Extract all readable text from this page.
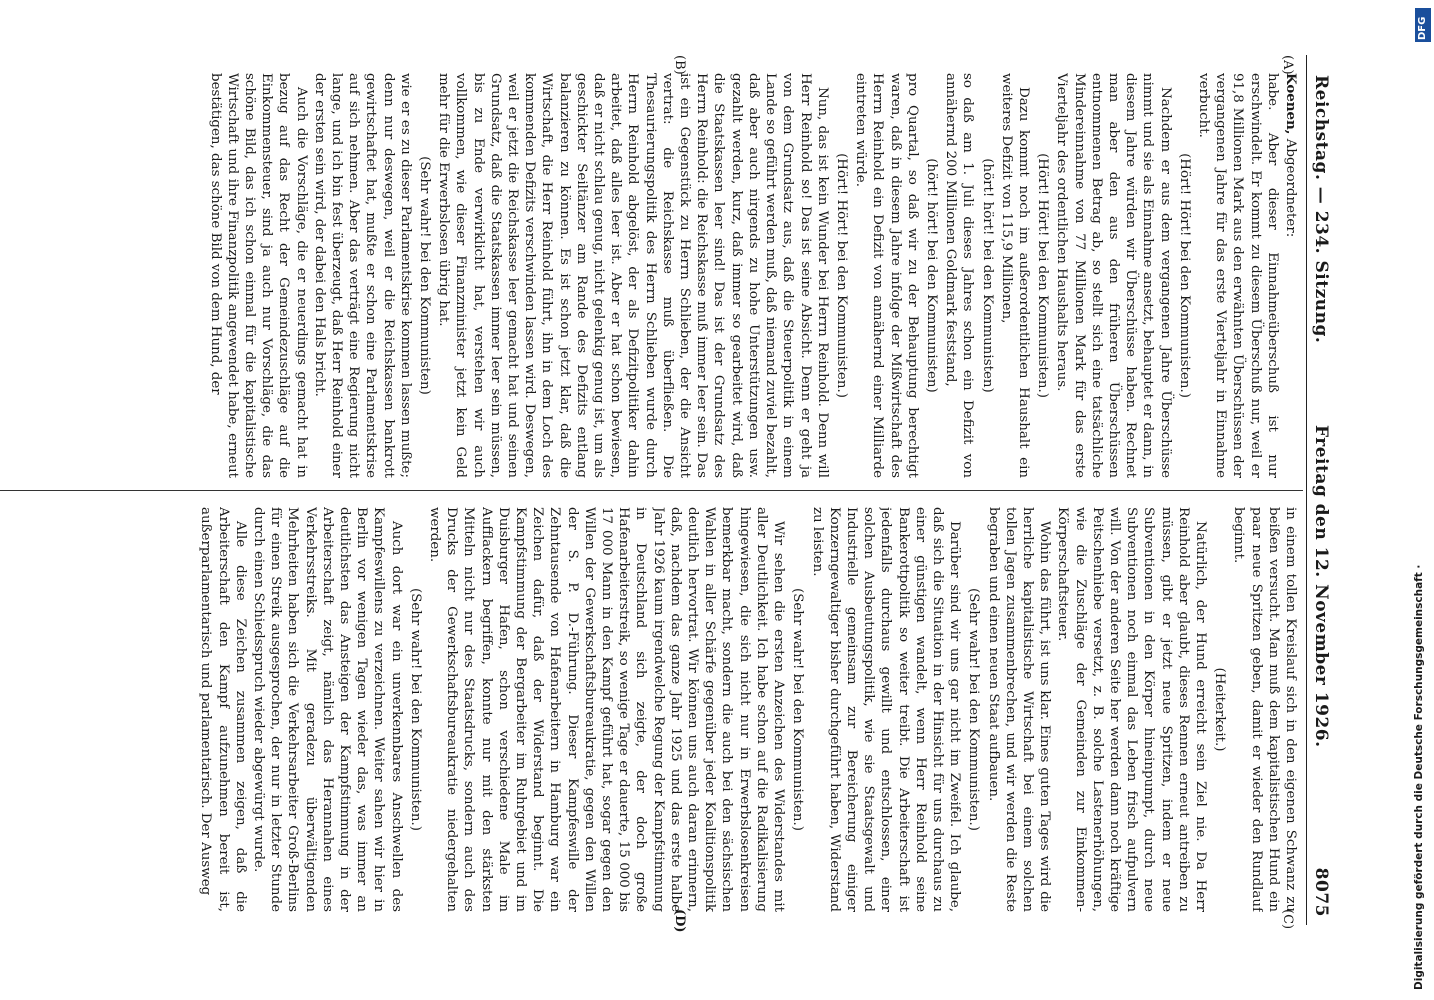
Reichstag. — 234. Sitzung.
Freitag den 12. November 1926.
8075
(A)
(B)
(C)
(D)

Koenen, Abgeordneter:

habe. Aber dieser Einnahmeüberschuß ist nur erschwindelt. Er kommt zu diesem Überschuß nur, weil er 91,8 Millionen Mark aus den erwähnten Überschüssen der vergangenen Jahre für das erste Vierteljahr in Einnahme verbucht.

(Hört! Hört! bei den Kommunisten.)

Nachdem er aus dem vergangenen Jahre Überschüsse nimmt und sie als Einnahme ansetzt, behauptet er dann, in diesem Jahre würden wir Überschüsse haben. Rechnet man aber den aus den früheren Überschüssen entnommenen Betrag ab, so stellt sich eine tatsächliche Mindereinnahme von 77 Millionen Mark für das erste Vierteljahr des ordentlichen Haushalts heraus.

(Hört! Hört! bei den Kommunisten.)

Dazu kommt noch im außerordentlichen Haushalt ein weiteres Defizit von 115,9 Millionen,

(hört! hört! bei den Kommunisten)

so daß am 1. Juli dieses Jahres schon ein Defizit von annähernd 200 Millionen Goldmark feststand,

(hört! hört! bei den Kommunisten)

pro Quartal, so daß wir zu der Behauptung berechtigt waren, daß in diesem Jahre infolge der Mißwirtschaft des Herrn Reinhold ein Defizit von annähernd einer Milliarde eintreten würde.

(Hört! Hört! bei den Kommunisten.)

Nun, das ist kein Wunder bei Herrn Reinhold. Denn will Herr Reinhold so! Das ist seine Absicht. Denn er geht ja von dem Grundsatz aus, daß die Steuerpolitik in einem Lande so geführt werden muß, daß niemand zuviel bezahlt, daß aber auch nirgends zu hohe Unterstützungen usw. gezahlt werden, kurz, daß immer so gearbeitet wird, daß die Staatskassen leer sind! Das ist der Grundsatz des Herrn Reinhold: die Reichskasse muß immer leer sein. Das ist ein Gegenstück zu Herrn Schlieben, der die Ansicht vertrat: die Reichskasse muß überfließen. Die Thesaurierungspolitik des Herrn Schlieben wurde durch Herrn Reinhold abgelöst, der als Defizitpolitiker dahin arbeitet, daß alles leer ist. Aber er hat schon bewiesen, daß er nicht schlau genug, nicht gelenkig genug ist, um als geschickter Seiltänzer am Rande des Defizits entlang balanzieren zu können. Es ist schon jetzt klar, daß die Wirtschaft, die Herr Reinhold führt, ihn in dem Loch des kommenden Defizits verschwinden lassen wird. Deswegen, weil er jetzt die Reichskasse leer gemacht hat und seinen Grundsatz, daß die Staatskassen immer leer sein müssen, bis zu Ende verwirklicht hat, verstehen wir auch vollkommen, wie dieser Finanzminister jetzt kein Geld mehr für die Erwerbslosen übrig hat.

(Sehr wahr! bei den Kommunisten)

wie er es zu dieser Parlamentskrise kommen lassen mußte; denn nur deswegen, weil er die Reichskassen bankrott gewirtschaftet hat, mußte er schon eine Parlamentskrise auf sich nehmen. Aber das verträgt eine Regierung nicht lange, und ich bin fest überzeugt, daß Herr Reinhold einer der ersten sein wird, der dabei den Hals bricht.

Auch die Vorschläge, die er neuerdings gemacht hat in bezug auf das Recht der Gemeindezuschläge auf die Einkommensteuer, sind ja auch nur Vorschläge, die das schöne Bild, das ich schon einmal für die kapitalistische Wirtschaft und ihre Finanzpolitik angewendet habe, erneut bestätigen, das schöne Bild von dem Hund, der

in einem tollen Kreislauf sich in den eigenen Schwanz zu beißen versucht. Man muß dem kapitalistischen Hund ein paar neue Spritzen geben, damit er wieder den Rundlauf beginnt.

(Heiterkeit.)

Natürlich, der Hund erreicht sein Ziel nie. Da Herr Reinhold aber glaubt, dieses Rennen erneut antreiben zu müssen, gibt er jetzt neue Spritzen, indem er neue Subventionen in den Körper hineinpumpt, durch neue Subventionen noch einmal das Leben frisch aufpulvern will. Von der anderen Seite her werden dann noch kräftige Peitschenhiebe versetzt, z. B. solche Lastenerhöhungen, wie die Zuschläge der Gemeinden zur Einkommen-Körperschaftsteuer.

Wohin das führt, ist uns klar. Eines guten Tages wird die herrliche kapitalistische Wirtschaft bei einem solchen tollen Jagen zusammenbrechen, und wir werden die Reste begraben und einen neuen Staat aufbauen.

(Sehr wahr! bei den Kommunisten.)

Darüber sind wir uns gar nicht im Zweifel. Ich glaube, daß sich die Situation in der Hinsicht für uns durchaus zu einer günstigen wandelt, wenn Herr Reinhold seine Bankerottpolitik so weiter treibt. Die Arbeiterschaft ist jedenfalls durchaus gewillt und entschlossen, einer solchen Ausbeutungspolitik, wie sie Staatsgewalt und Industrielle gemeinsam zur Bereicherung einiger Konzerngewaltiger bisher durchgeführt haben, Widerstand zu leisten.

(Sehr wahr! bei den Kommunisten.)

Wir sehen die ersten Anzeichen des Widerstandes mit aller Deutlichkeit. Ich habe schon auf die Radikalisierung hingewiesen, die sich nicht nur in Erwerbslosenkreisen bemerkbar macht, sondern die auch bei den sächsischen Wahlen in aller Schärfe gegenüber jeder Koalitionspolitik deutlich hervortrat. Wir können uns auch daran erinnern, daß, nachdem das ganze Jahr 1925 und das erste halbe Jahr 1926 kaum irgendwelche Regung der Kampfstimmung in Deutschland sich zeigte, der doch große Hafenarbeiterstreik, so wenige Tage er dauerte, 15 000 bis 17 000 Mann in den Kampf geführt hat, sogar gegen den Willen der Gewerkschaftsbureaukratie, gegen den Willen der S. P. D.-Führung. Dieser Kampfeswille der Zehntausende von Hafenarbeitern in Hamburg war ein Zeichen dafür, daß der Widerstand beginnt. Die Kampfstimmung der Bergarbeiter im Ruhrgebiet und im Duisburger Hafen, schon verschiedene Male im Aufflackern begriffen, konnte nur mit den stärksten Mitteln nicht nur des Staatsdrucks, sondern auch des Drucks der Gewerkschaftsbureaukratie niedergehalten werden.

(Sehr wahr! bei den Kommunisten.)

Auch dort war ein unverkennbares Anschwellen des Kampfeswillens zu verzeichnen. Weiter sahen wir hier in Berlin vor wenigen Tagen wieder das, was immer an deutlichsten das Ansteigen der Kampfstimmung in der Arbeiterschaft zeigt, nämlich das Herannahen eines Verkehrsstreiks. Mit geradezu überwältigenden Mehrheiten haben sich die Verkehrsarbeiter Groß-Berlins für einen Streik ausgesprochen, der nur in letzter Stunde durch einen Schiedsspruch wieder abgewürgt wurde.

Alle diese Zeichen zusammen zeigen, daß die Arbeiterschaft den Kampf aufzunehmen bereit ist, außerparlamentarisch und parlamentarisch. Der Ausweg

DFG
Digitalisierung gefördert durch die Deutsche Forschungsgemeinschaft ·
